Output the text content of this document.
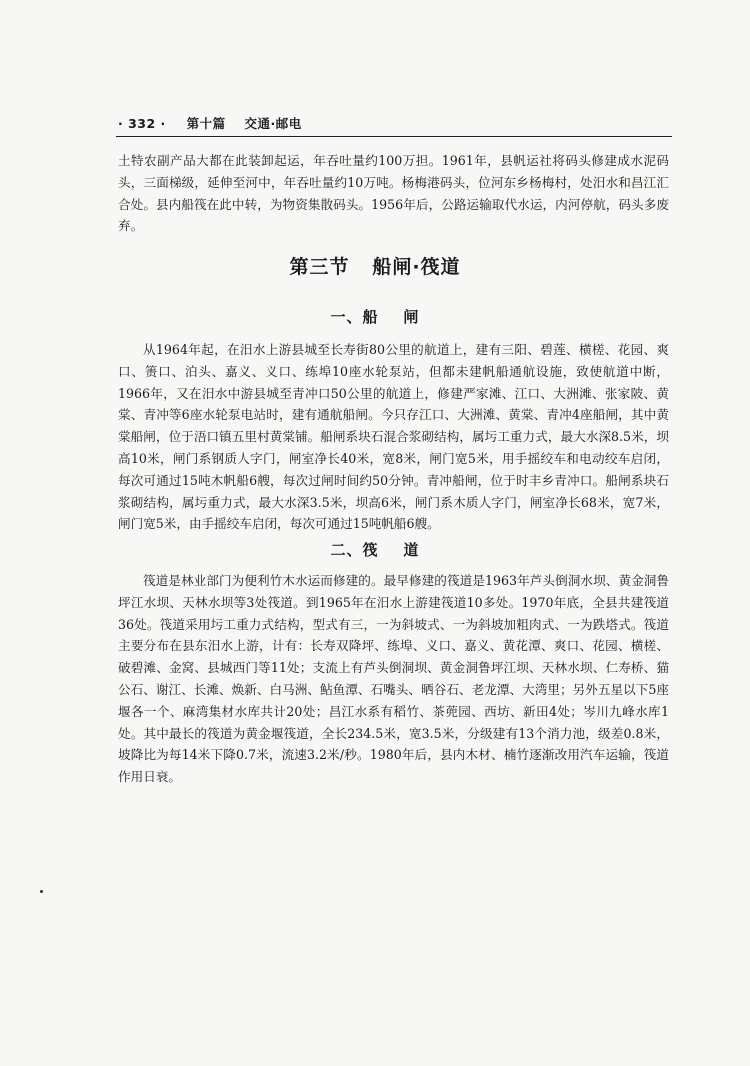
· 332 · 第十篇 交通·邮电

土特农副产品大都在此装卸起运，年吞吐量约100万担。1961年，县帆运社将码头修建成水泥码头，三面梯级，延伸至河中，年吞吐量约10万吨。杨梅港码头，位河东乡杨梅村，处汨水和昌江汇合处。县内船筏在此中转，为物资集散码头。1956年后，公路运输取代水运，内河停航，码头多废弃。

第三节   船闸·筏道
一、船    闸

从1964年起，在汨水上游县城至长寿街80公里的航道上，建有三阳、碧莲、横槎、花园、爽口、箦口、泊头、嘉义、义口、练埠10座水轮泵站，但都未建帆船通航设施，致使航道中断，1966年，又在汨水中游县城至青冲口50公里的航道上，修建严家滩、江口、大洲滩、张家陂、黄棠、青冲等6座水轮泵电站时，建有通航船闸。今只存江口、大洲滩、黄棠、青冲4座船闸，其中黄棠船闸，位于浯口镇五里村黄棠铺。船闸系块石混合浆砌结构，属圬工重力式，最大水深8.5米，坝高10米，闸门系钢质人字门，闸室净长40米，宽8米，闸门宽5米，用手摇绞车和电动绞车启闭，每次可通过15吨木帆船6艘，每次过闸时间约50分钟。青冲船闸，位于时丰乡青冲口。船闸系块石浆砌结构，属圬重力式，最大水深3.5米，坝高6米，闸门系木质人字门，闸室净长68米，宽7米，闸门宽5米，由手摇绞车启闭，每次可通过15吨帆船6艘。

二、筏    道

筏道是林业部门为便利竹木水运而修建的。最早修建的筏道是1963年芦头倒洞水坝、黄金洞鲁坪江水坝、天林水坝等3处筏道。到1965年在汨水上游建筏道10多处。1970年底，全县共建筏道36处。筏道采用圬工重力式结构，型式有三，一为斜坡式、一为斜坡加粗肉式、一为跌塔式。筏道主要分布在县东汨水上游，计有：长寿双降坪、练埠、义口、嘉义、黄花潭、爽口、花园、横槎、破碧滩、金窝、县城西门等11处；支流上有芦头倒洞坝、黄金洞鲁坪江坝、天林水坝、仁寿桥、猫公石、谢江、长滩、焕新、白马洲、鲇鱼潭、石嘴头、晒谷石、老龙潭、大湾里；另外五星以下5座堰各一个、麻湾集材水库共计20处；昌江水系有稻竹、茶蔸园、西坊、新田4处；岑川九峰水库1处。其中最长的筏道为黄金堰筏道，全长234.5米，宽3.5米，分级建有13个消力池，级差0.8米，坡降比为每14米下降0.7米，流速3.2米/秒。1980年后，县内木材、楠竹逐渐改用汽车运输，筏道作用日衰。
